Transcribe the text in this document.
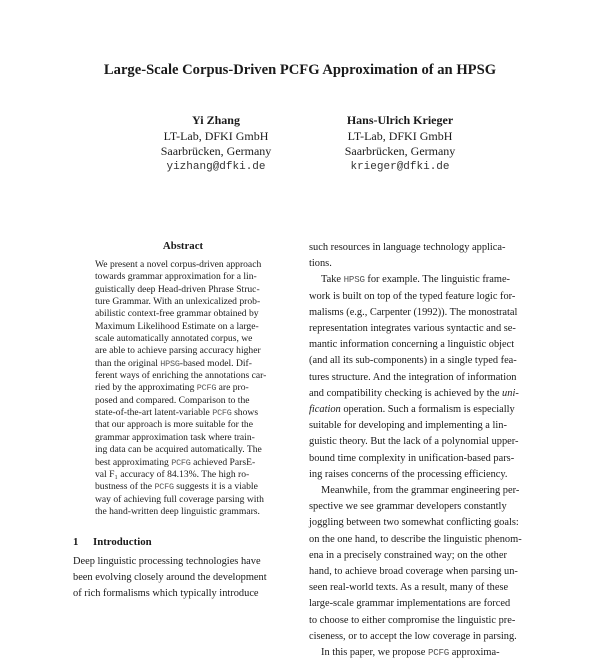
Large-Scale Corpus-Driven PCFG Approximation of an HPSG
Yi Zhang
LT-Lab, DFKI GmbH
Saarbrücken, Germany
yizhang@dfki.de
Hans-Ulrich Krieger
LT-Lab, DFKI GmbH
Saarbrücken, Germany
krieger@dfki.de
Abstract
We present a novel corpus-driven approach
towards grammar approximation for a lin-
guistically deep Head-driven Phrase Struc-
ture Grammar. With an unlexicalized prob-
abilistic context-free grammar obtained by
Maximum Likelihood Estimate on a large-
scale automatically annotated corpus, we
are able to achieve parsing accuracy higher
than the original HPSG-based model. Dif-
ferent ways of enriching the annotations car-
ried by the approximating PCFG are pro-
posed and compared. Comparison to the
state-of-the-art latent-variable PCFG shows
that our approach is more suitable for the
grammar approximation task where train-
ing data can be acquired automatically. The
best approximating PCFG achieved ParsE-
val F₁ accuracy of 84.13%. The high ro-
bustness of the PCFG suggests it is a viable
way of achieving full coverage parsing with
the hand-written deep linguistic grammars.
1 Introduction
Deep linguistic processing technologies have
been evolving closely around the development
of rich formalisms which typically introduce
such resources in language technology applica-
tions.
Take HPSG for example. The linguistic frame-
work is built on top of the typed feature logic for-
malisms (e.g., Carpenter (1992)). The monostratal
representation integrates various syntactic and se-
mantic information concerning a linguistic object
(and all its sub-components) in a single typed fea-
tures structure. And the integration of information
and compatibility checking is achieved by the uni-
fication operation. Such a formalism is especially
suitable for developing and implementing a lin-
guistic theory. But the lack of a polynomial upper-
bound time complexity in unification-based pars-
ing raises concerns of the processing efficiency.
Meanwhile, from the grammar engineering per-
spective we see grammar developers constantly
joggling between two somewhat conflicting goals:
on the one hand, to describe the linguistic phenom-
ena in a precisely constrained way; on the other
hand, to achieve broad coverage when parsing un-
seen real-world texts. As a result, many of these
large-scale grammar implementations are forced
to choose to either compromise the linguistic pre-
ciseness, or to accept the low coverage in parsing.
In this paper, we propose PCFG approxima-
